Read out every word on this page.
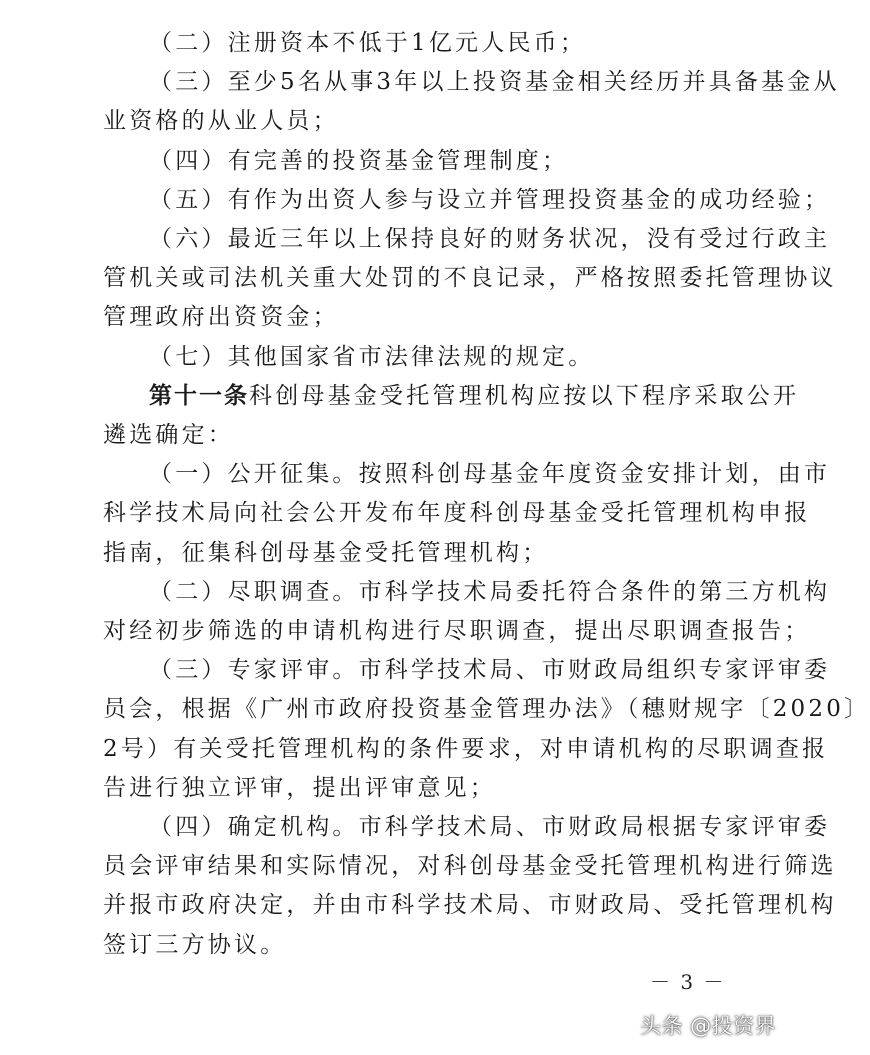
（二）注册资本不低于1亿元人民币；
（三）至少5名从事3年以上投资基金相关经历并具备基金从
业资格的从业人员；
（四）有完善的投资基金管理制度；
（五）有作为出资人参与设立并管理投资基金的成功经验；
（六）最近三年以上保持良好的财务状况，没有受过行政主
管机关或司法机关重大处罚的不良记录，严格按照委托管理协议
管理政府出资资金；
（七）其他国家省市法律法规的规定。
第十一条科创母基金受托管理机构应按以下程序采取公开
遴选确定：
（一）公开征集。按照科创母基金年度资金安排计划，由市
科学技术局向社会公开发布年度科创母基金受托管理机构申报
指南，征集科创母基金受托管理机构；
（二）尽职调查。市科学技术局委托符合条件的第三方机构
对经初步筛选的申请机构进行尽职调查，提出尽职调查报告；
（三）专家评审。市科学技术局、市财政局组织专家评审委
员会，根据《广州市政府投资基金管理办法》（穗财规字〔2020〕
2号）有关受托管理机构的条件要求，对申请机构的尽职调查报
告进行独立评审，提出评审意见；
（四）确定机构。市科学技术局、市财政局根据专家评审委
员会评审结果和实际情况，对科创母基金受托管理机构进行筛选
并报市政府决定，并由市科学技术局、市财政局、受托管理机构
签订三方协议。
－ 3 －
头条 @投资界
